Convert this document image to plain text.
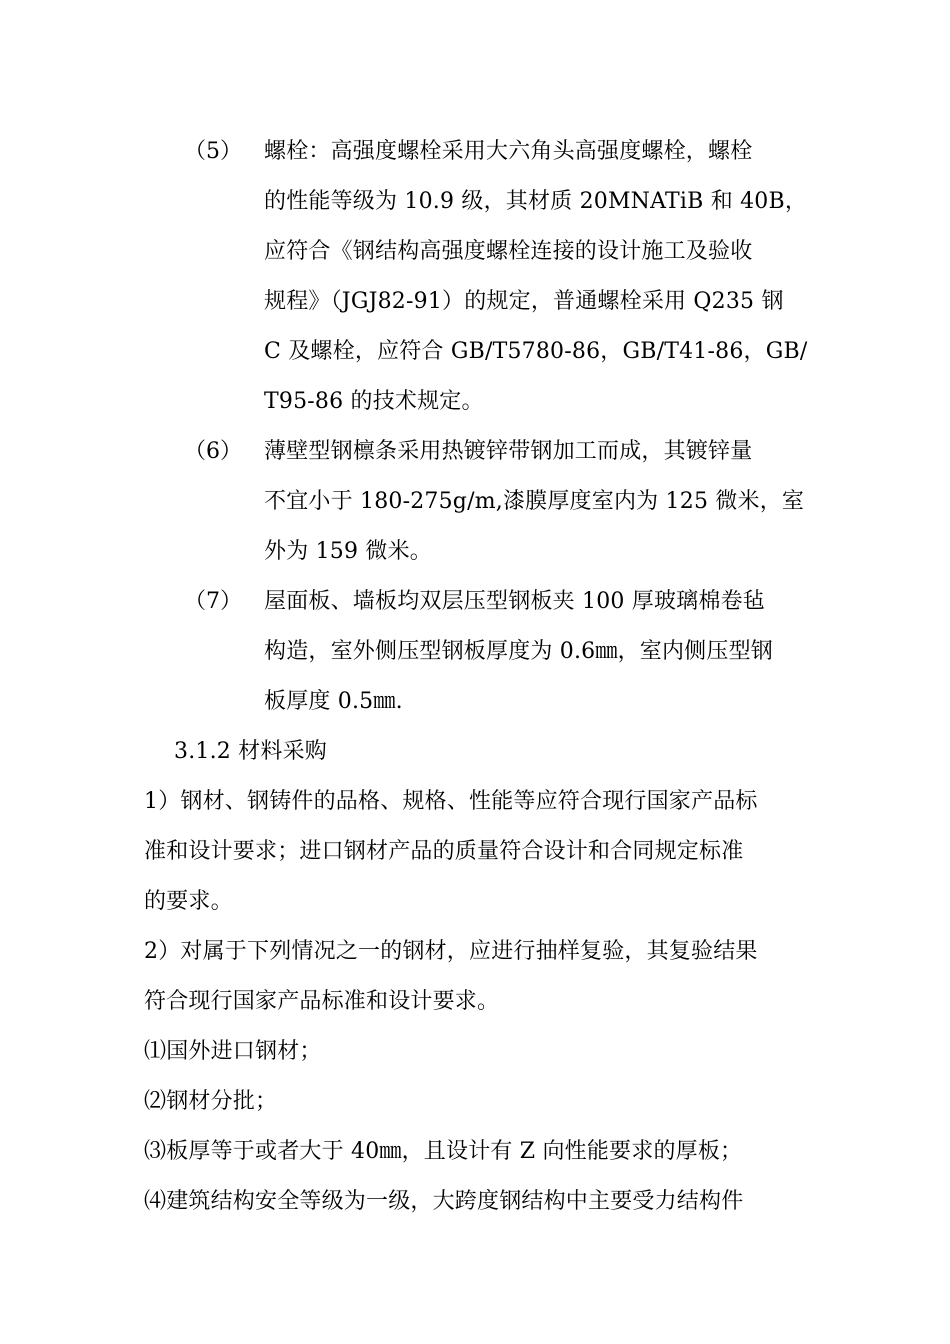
（5） 螺栓：高强度螺栓采用大六角头高强度螺栓，螺栓
的性能等级为 10.9 级，其材质 20MNATiB 和 40B，
应符合《钢结构高强度螺栓连接的设计施工及验收
规程》（JGJ82-91）的规定，普通螺栓采用 Q235 钢
C 及螺栓，应符合 GB/T5780-86，GB/T41-86，GB/
T95-86 的技术规定。
（6） 薄壁型钢檩条采用热镀锌带钢加工而成，其镀锌量
不宜小于 180-275g/m,漆膜厚度室内为 125 微米，室
外为 159 微米。
（7） 屋面板、墙板均双层压型钢板夹 100 厚玻璃棉卷毡
构造，室外侧压型钢板厚度为 0.6㎜，室内侧压型钢
板厚度 0.5㎜.
3.1.2 材料采购
1）钢材、钢铸件的品格、规格、性能等应符合现行国家产品标
准和设计要求；进口钢材产品的质量符合设计和合同规定标准
的要求。
2）对属于下列情况之一的钢材，应进行抽样复验，其复验结果
符合现行国家产品标准和设计要求。
⑴国外进口钢材；
⑵钢材分批；
⑶板厚等于或者大于 40㎜，且设计有 Z 向性能要求的厚板；
⑷建筑结构安全等级为一级，大跨度钢结构中主要受力结构件
